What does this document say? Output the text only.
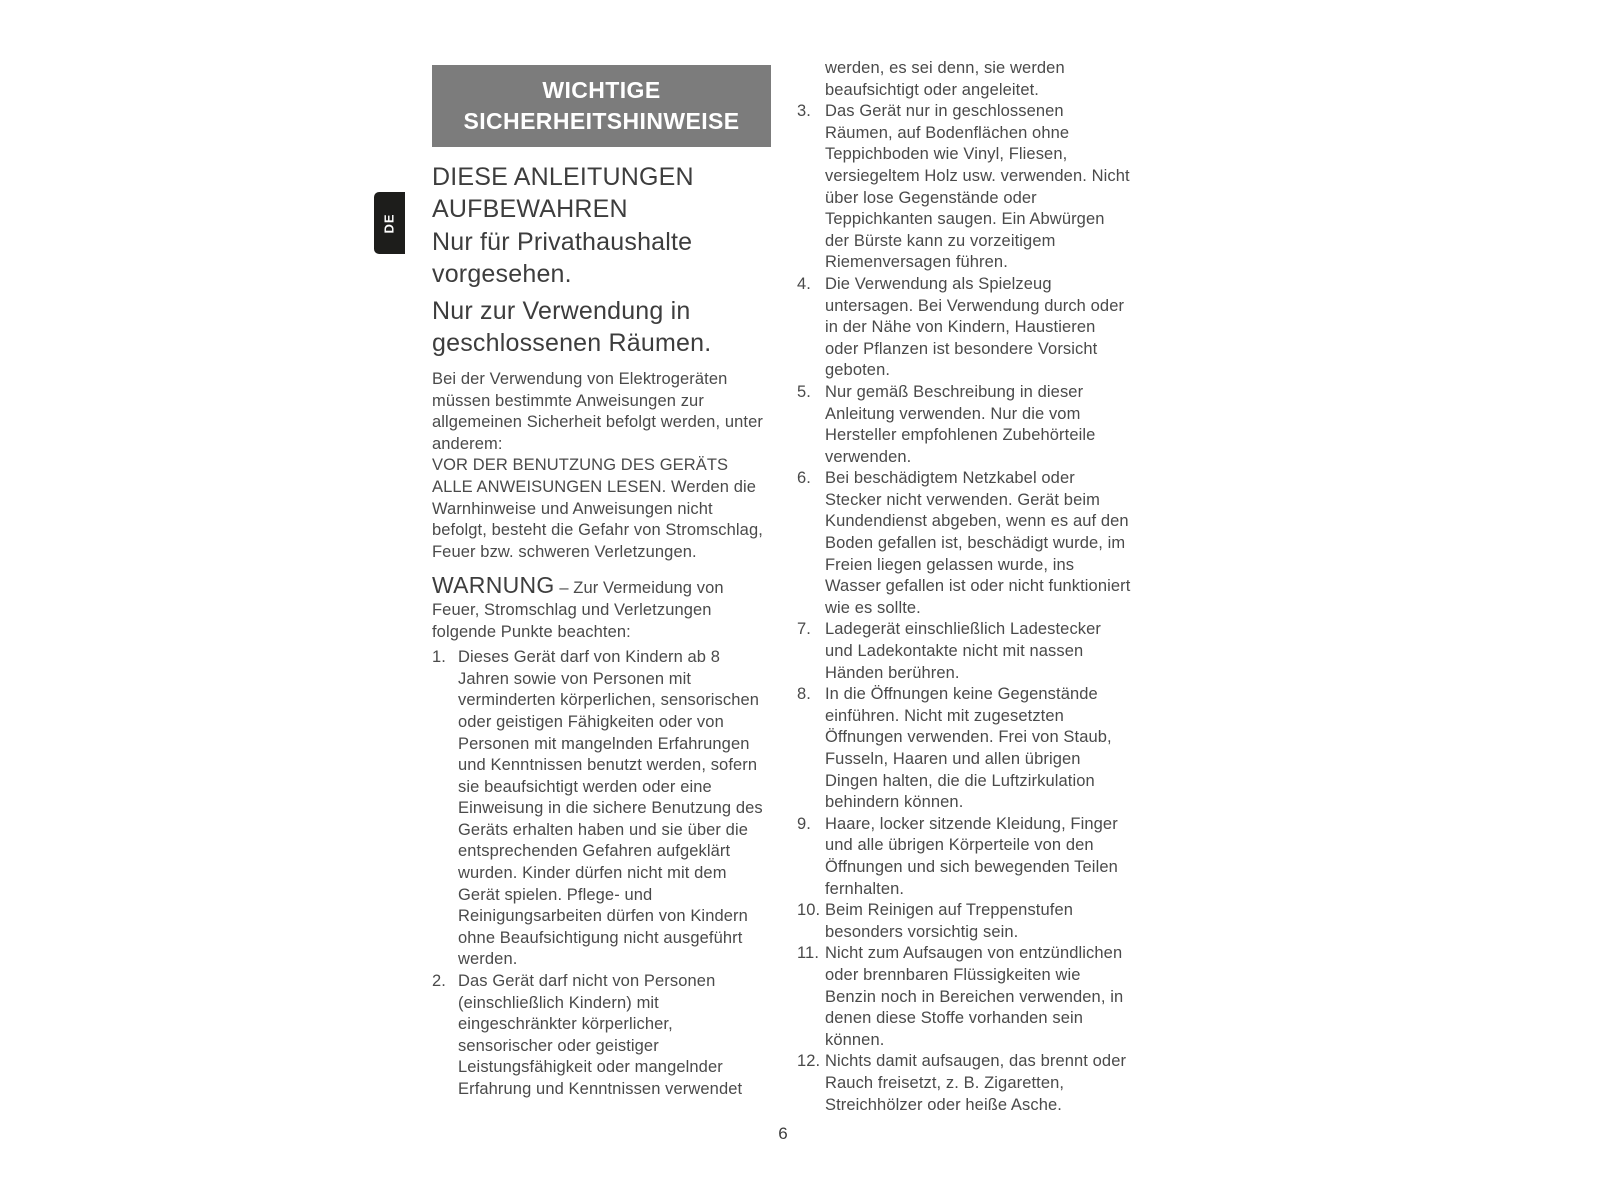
DE
WICHTIGE SICHERHEITSHINWEISE
DIESE ANLEITUNGEN AUFBEWAHREN
Nur für Privathaushalte vorgesehen.
Nur zur Verwendung in geschlossenen Räumen.

Bei der Verwendung von Elektrogeräten müssen bestimmte Anweisungen zur allgemeinen Sicherheit befolgt werden, unter anderem:

VOR DER BENUTZUNG DES GERÄTS ALLE ANWEISUNGEN LESEN. Werden die Warnhinweise und Anweisungen nicht befolgt, besteht die Gefahr von Stromschlag, Feuer bzw. schweren Verletzungen.

WARNUNG – Zur Vermeidung von Feuer, Stromschlag und Verletzungen folgende Punkte beachten:

1. Dieses Gerät darf von Kindern ab 8 Jahren sowie von Personen mit verminderten körperlichen, sensorischen oder geistigen Fähigkeiten oder von Personen mit mangelnden Erfahrungen und Kenntnissen benutzt werden, sofern sie beaufsichtigt werden oder eine Einweisung in die sichere Benutzung des Geräts erhalten haben und sie über die entsprechenden Gefahren aufgeklärt wurden. Kinder dürfen nicht mit dem Gerät spielen. Pflege- und Reinigungsarbeiten dürfen von Kindern ohne Beaufsichtigung nicht ausgeführt werden.
2. Das Gerät darf nicht von Personen (einschließlich Kindern) mit eingeschränkter körperlicher, sensorischer oder geistiger Leistungsfähigkeit oder mangelnder Erfahrung und Kenntnissen verwendet

werden, es sei denn, sie werden beaufsichtigt oder angeleitet.

3. Das Gerät nur in geschlossenen Räumen, auf Bodenflächen ohne Teppichboden wie Vinyl, Fliesen, versiegeltem Holz usw. verwenden. Nicht über lose Gegenstände oder Teppichkanten saugen. Ein Abwürgen der Bürste kann zu vorzeitigem Riemenversagen führen.
4. Die Verwendung als Spielzeug untersagen. Bei Verwendung durch oder in der Nähe von Kindern, Haustieren oder Pflanzen ist besondere Vorsicht geboten.
5. Nur gemäß Beschreibung in dieser Anleitung verwenden. Nur die vom Hersteller empfohlenen Zubehörteile verwenden.
6. Bei beschädigtem Netzkabel oder Stecker nicht verwenden. Gerät beim Kundendienst abgeben, wenn es auf den Boden gefallen ist, beschädigt wurde, im Freien liegen gelassen wurde, ins Wasser gefallen ist oder nicht funktioniert wie es sollte.
7. Ladegerät einschließlich Ladestecker und Ladekontakte nicht mit nassen Händen berühren.
8. In die Öffnungen keine Gegenstände einführen. Nicht mit zugesetzten Öffnungen verwenden. Frei von Staub, Fusseln, Haaren und allen übrigen Dingen halten, die die Luftzirkulation behindern können.
9. Haare, locker sitzende Kleidung, Finger und alle übrigen Körperteile von den Öffnungen und sich bewegenden Teilen fernhalten.
10. Beim Reinigen auf Treppenstufen besonders vorsichtig sein.
11. Nicht zum Aufsaugen von entzündlichen oder brennbaren Flüssigkeiten wie Benzin noch in Bereichen verwenden, in denen diese Stoffe vorhanden sein können.
12. Nichts damit aufsaugen, das brennt oder Rauch freisetzt, z. B. Zigaretten, Streichhölzer oder heiße Asche.
6
